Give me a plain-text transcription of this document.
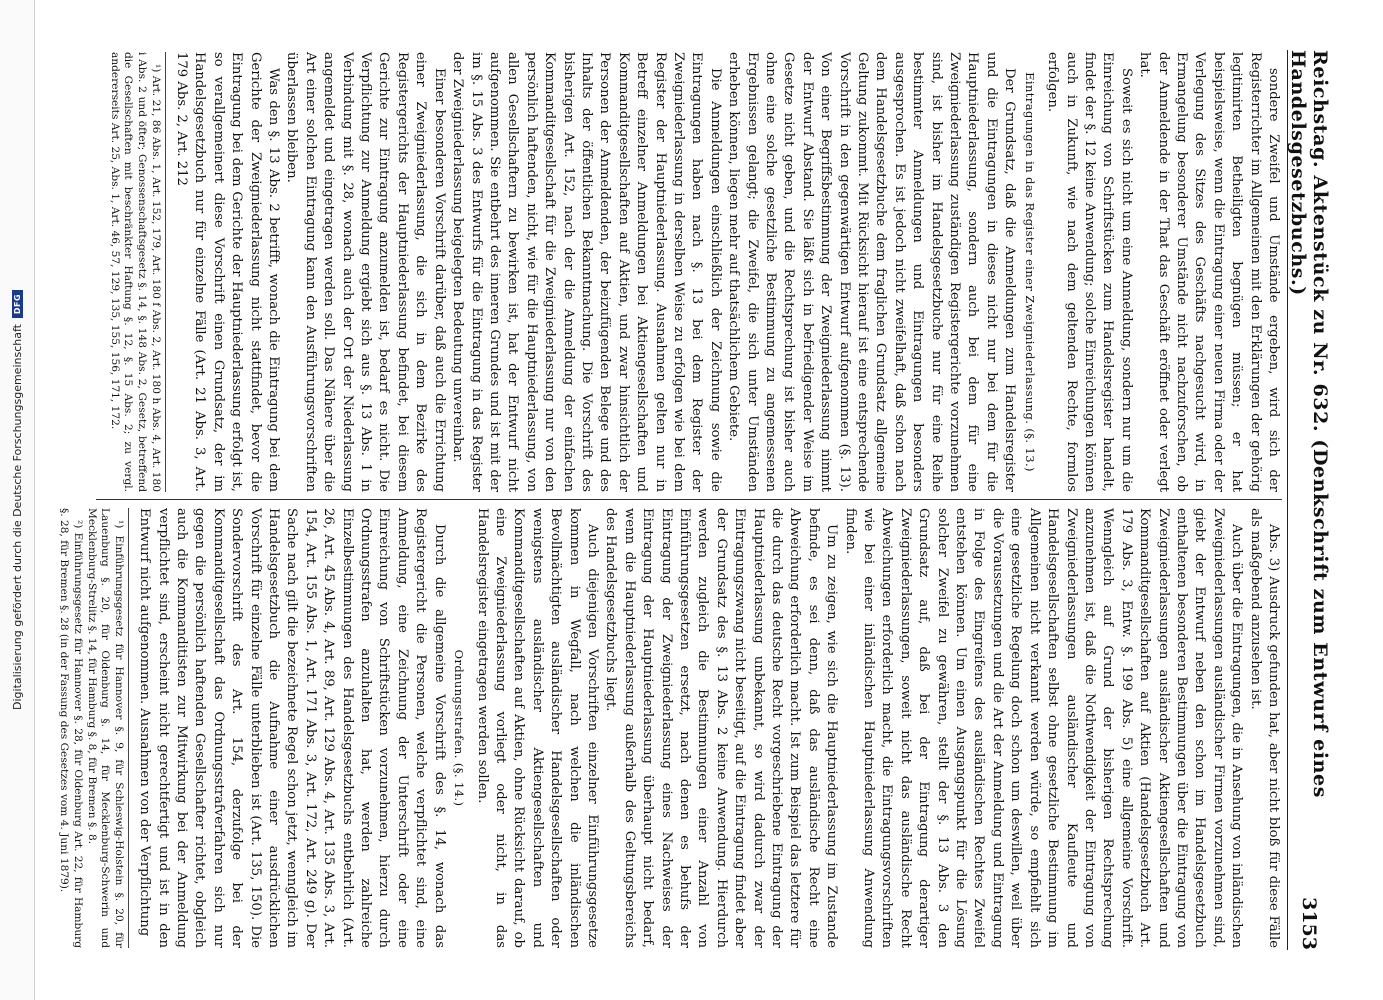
Digitalisierung gefördert durch die Deutsche Forschungsgemeinschaft
DFG	Reichstag. Aktenstück zu Nr. 632. (Denkschrift zum Entwurf eines Handelsgesetzbuchs.)
3153

sondere Zweifel und Umstände ergeben, wird sich der Registerrichter im Allgemeinen mit den Erklärungen der gehörig legitimirten Betheiligten begnügen müssen; er hat beispielsweise, wenn die Eintragung einer neuen Firma oder der Verlegung des Sitzes des Geschäfts nachgesucht wird, in Ermangelung besonderer Umstände nicht nachzuforschen, ob der Anmeldende in der That das Geschäft eröffnet oder verlegt hat.

Soweit es sich nicht um eine Anmeldung, sondern nur um die Einreichung von Schriftstücken zum Handelsregister handelt, findet der §. 12 keine Anwendung; solche Einreichungen können auch in Zukunft, wie nach dem geltenden Rechte, formlos erfolgen.

Eintragungen in das Register einer Zweigniederlassung. (§. 13.)

Der Grundsatz, daß die Anmeldungen zum Handelsregister und die Eintragungen in dieses nicht nur bei dem für die Hauptniederlassung, sondern auch bei dem für eine Zweigniederlassung zuständigen Registergerichte vorzunehmen sind, ist bisher im Handelsgesetzbuche nur für eine Reihe bestimmter Anmeldungen und Eintragungen besonders ausgesprochen. Es ist jedoch nicht zweifelhaft, daß schon nach dem Handelsgesetzbuche dem fraglichen Grundsatz allgemeine Geltung zukommt. Mit Rücksicht hierauf ist eine entsprechende Vorschrift in den gegenwärtigen Entwurf aufgenommen (§. 13). Von einer Begriffsbestimmung der Zweigniederlassung nimmt der Entwurf Abstand. Sie läßt sich in befriedigender Weise im Gesetze nicht geben, und die Rechtsprechung ist bisher auch ohne eine solche gesetzliche Bestimmung zu angemessenen Ergebnissen gelangt; die Zweifel, die sich unter Umständen erheben können, liegen mehr auf thatsächlichem Gebiete.

Die Anmeldungen einschließlich der Zeichnung sowie die Eintragungen haben nach §. 13 bei dem Register der Zweigniederlassung in derselben Weise zu erfolgen wie bei dem Register der Hauptniederlassung. Ausnahmen gelten nur in Betreff einzelner Anmeldungen bei Aktiengesellschaften und Kommanditgesellschaften auf Aktien, und zwar hinsichtlich der Personen der Anmeldenden, der beizufügenden Belege und des Inhalts der öffentlichen Bekanntmachung. Die Vorschrift des bisherigen Art. 152, nach der die Anmeldung der einfachen Kommanditgesellschaft für die Zweigniederlassung nur von den persönlich haftenden, nicht, wie für die Hauptniederlassung, von allen Gesellschaftern zu bewirken ist, hat der Entwurf nicht aufgenommen. Sie entbehrt des inneren Grundes und ist mit der im §. 15 Abs. 3 des Entwurfs für die Eintragung in das Register der Zweigniederlassung beigelegten Bedeutung unvereinbar.

Einer besonderen Vorschrift darüber, daß auch die Errichtung einer Zweigniederlassung, die sich in dem Bezirke des Registergerichts der Hauptniederlassung befindet, bei diesem Gerichte zur Eintragung anzumelden ist, bedarf es nicht. Die Verpflichtung zur Anmeldung ergiebt sich aus §. 13 Abs. 1 in Verbindung mit §. 28, wonach auch der Ort der Niederlassung angemeldet und eingetragen werden soll. Das Nähere über die Art einer solchen Eintragung kann den Ausführungsvorschriften überlassen bleiben.

Was den §. 13 Abs. 2 betrifft, wonach die Eintragung bei dem Gerichte der Zweigniederlassung nicht stattfindet, bevor die Eintragung bei dem Gerichte der Hauptniederlassung erfolgt ist, so verallgemeinert diese Vorschrift einen Grundsatz, der im Handelsgesetzbuch nur für einzelne Fälle (Art. 21 Abs. 3, Art. 179 Abs. 2, Art. 212

¹) Art. 21, 86 Abs. 1, Art. 152, 179, Art. 180 f Abs. 2, Art. 180 h Abs. 4, Art. 180 i Abs. 2 und öfter; Genossenschaftsgesetz §. 14, §. 148 Abs. 2, Gesetz, betreffend die Gesellschaften mit beschränkter Haftung §. 12, §. 15 Abs. 2; zu vergl. andererseits Art. 25, Abs. 1, Art. 46, 57, 129, 135, 155, 156, 171, 172.

Abs. 3) Ausdruck gefunden hat, aber nicht bloß für diese Fälle als maßgebend anzusehen ist.

Auch über die Eintragungen, die in Ansehung von inländischen Zweigniederlassungen ausländischer Firmen vorzunehmen sind, giebt der Entwurf neben den schon im Handelsgesetzbuch enthaltenen besonderen Bestimmungen über die Eintragung von Zweigniederlassungen ausländischer Aktiengesellschaften und Kommanditgesellschaften auf Aktien (Handelsgesetzbuch Art. 179 Abs. 3, Entw. §. 199 Abs. 5) eine allgemeine Vorschrift. Wenngleich auf Grund der bisherigen Rechtsprechung anzunehmen ist, daß die Nothwendigkeit der Eintragung von Zweigniederlassungen ausländischer Kaufleute und Handelsgesellschaften selbst ohne gesetzliche Bestimmung im Allgemeinen nicht verkannt werden würde, so empfiehlt sich eine gesetzliche Regelung doch schon um deswillen, weil über die Voraussetzungen und die Art der Anmeldung und Eintragung in Folge des Eingreifens des ausländischen Rechtes Zweifel entstehen können. Um einen Ausgangspunkt für die Lösung solcher Zweifel zu gewähren, stellt der §. 13 Abs. 3 den Grundsatz auf, daß bei der Eintragung derartiger Zweigniederlassungen, soweit nicht das ausländische Recht Abweichungen erforderlich macht, die Eintragungsvorschriften wie bei einer inländischen Hauptniederlassung Anwendung finden.

Um zu zeigen, wie sich die Hauptniederlassung im Zustande befinde, es sei denn, daß das ausländische Recht eine Abweichung erforderlich macht. Ist zum Beispiel das letztere für die durch das deutsche Recht vorgeschriebene Eintragung der Hauptniederlassung unbekannt, so wird dadurch zwar der Eintragungszwang nicht beseitigt, auf die Eintragung findet aber der Grundsatz des §. 13 Abs. 2 keine Anwendung. Hierdurch werden zugleich die Bestimmungen einer Anzahl von Einführungsgesetzen ersetzt, nach denen es behufs der Eintragung der Zweigniederlassung eines Nachweises der Eintragung der Hauptniederlassung überhaupt nicht bedarf, wenn die Hauptniederlassung außerhalb des Geltungsbereichs des Handelsgesetzbuchs liegt.

Auch diejenigen Vorschriften einzelner Einführungsgesetze kommen in Wegfall, nach welchen die inländischen Bevollmächtigten ausländischer Handelsgesellschaften oder wenigstens ausländischer Aktiengesellschaften und Kommanditgesellschaften auf Aktien, ohne Rücksicht darauf, ob eine Zweigniederlassung vorliegt oder nicht, in das Handelsregister eingetragen werden sollen.

Ordnungsstrafen. (§. 14.)

Durch die allgemeine Vorschrift des §. 14, wonach das Registergericht die Personen, welche verpflichtet sind, eine Anmeldung, eine Zeichnung der Unterschrift oder eine Einreichung von Schriftstücken vorzunehmen, hierzu durch Ordnungsstrafen anzuhalten hat, werden zahlreiche Einzelbestimmungen des Handelsgesetzbuchs entbehrlich (Art. 26, Art. 45 Abs. 4, Art. 89, Art. 129 Abs. 4, Art. 135 Abs. 3, Art. 154, Art. 155 Abs. 1, Art. 171 Abs. 3, Art. 172, Art. 249 g). Der Sache nach gilt die bezeichnete Regel schon jetzt, wenngleich im Handelsgesetzbuch die Aufnahme einer ausdrücklichen Vorschrift für einzelne Fälle unterblieben ist (Art. 135, 150). Die Sondervorschrift des Art. 154, derzufolge bei der Kommanditgesellschaft das Ordnungsstrafverfahren sich nur gegen die persönlich haftenden Gesellschafter richtet, obgleich auch die Kommanditisten zur Mitwirkung bei der Anmeldung verpflichtet sind, erscheint nicht gerechtfertigt und ist in den Entwurf nicht aufgenommen. Ausnahmen von der Verpflichtung

¹) Einführungsgesetz für Hannover §. 9, für Schleswig-Holstein §. 20, für Lauenburg §. 20, für Oldenburg §. 14, für Mecklenburg-Schwerin und Mecklenburg-Strelitz §. 14, für Hamburg §. 8, für Bremen §. 8.

²) Einführungsgesetz für Hannover §. 28, für Oldenburg Art. 22, für Hamburg §. 28, für Bremen §. 28 (in der Fassung des Gesetzes vom 4. Juni 1879).
